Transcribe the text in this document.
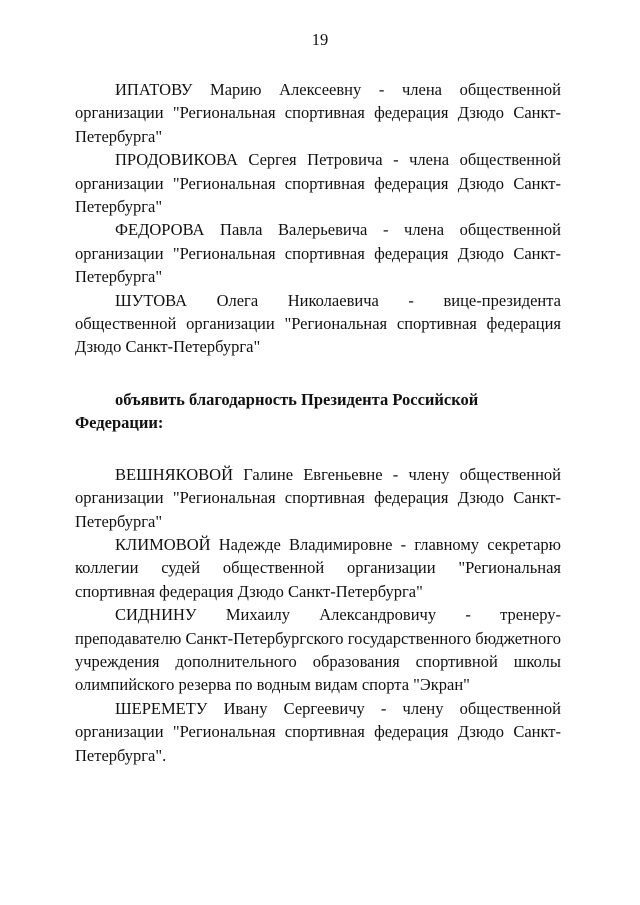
19

ИПАТОВУ Марию Алексеевну - члена общественной организации "Региональная спортивная федерация Дзюдо Санкт-Петербурга"

ПРОДОВИКОВА Сергея Петровича - члена общественной организации "Региональная спортивная федерация Дзюдо Санкт-Петербурга"

ФЕДОРОВА Павла Валерьевича - члена общественной организации "Региональная спортивная федерация Дзюдо Санкт-Петербурга"

ШУТОВА Олега Николаевича - вице-президента общественной организации "Региональная спортивная федерация Дзюдо Санкт-Петербурга"

объявить благодарность Президента Российской Федерации:

ВЕШНЯКОВОЙ Галине Евгеньевне - члену общественной организации "Региональная спортивная федерация Дзюдо Санкт-Петербурга"

КЛИМОВОЙ Надежде Владимировне - главному секретарю коллегии судей общественной организации "Региональная спортивная федерация Дзюдо Санкт-Петербурга"

СИДНИНУ Михаилу Александровичу - тренеру-преподавателю Санкт-Петербургского государственного бюджетного учреждения дополнительного образования спортивной школы олимпийского резерва по водным видам спорта "Экран"

ШЕРЕМЕТУ Ивану Сергеевичу - члену общественной организации "Региональная спортивная федерация Дзюдо Санкт-Петербурга".
